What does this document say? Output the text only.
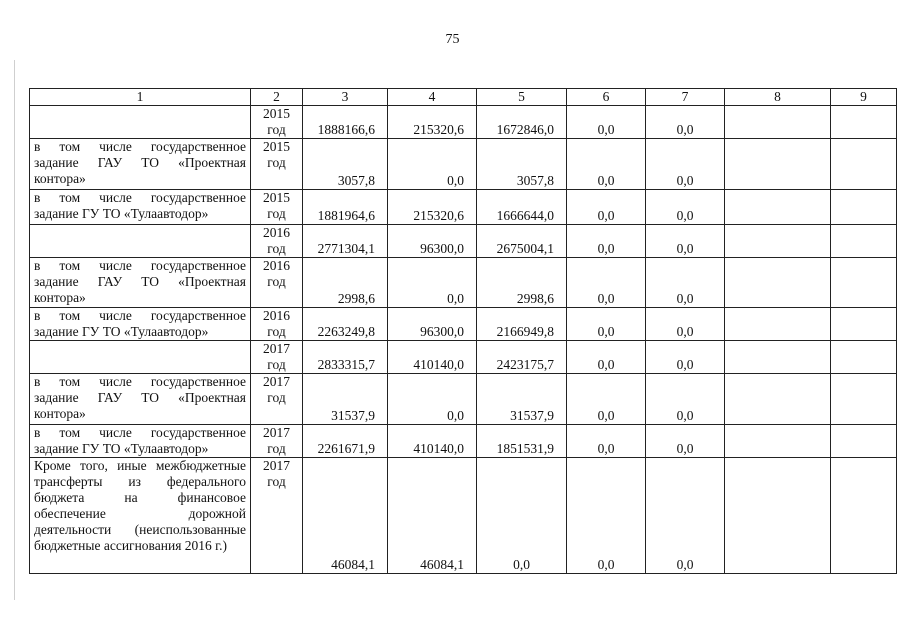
75
1	2	3	4	5	6	7	8	9
	2015 год	1888166,6	215320,6	1672846,0	0,0	0,0		
в том числе государственное задание ГАУ ТО «Проектная контора»	2015 год	3057,8	0,0	3057,8	0,0	0,0		
в том числе государственное задание ГУ ТО «Тулаавтодор»	2015 год	1881964,6	215320,6	1666644,0	0,0	0,0		
	2016 год	2771304,1	96300,0	2675004,1	0,0	0,0		
в том числе государственное задание ГАУ ТО «Проектная контора»	2016 год	2998,6	0,0	2998,6	0,0	0,0		
в том числе государственное задание ГУ ТО «Тулаавтодор»	2016 год	2263249,8	96300,0	2166949,8	0,0	0,0		
	2017 год	2833315,7	410140,0	2423175,7	0,0	0,0		
в том числе государственное задание ГАУ ТО «Проектная контора»	2017 год	31537,9	0,0	31537,9	0,0	0,0		
в том числе государственное задание ГУ ТО «Тулаавтодор»	2017 год	2261671,9	410140,0	1851531,9	0,0	0,0		
Кроме того, иные межбюджетные трансферты из федерального бюджета на финансовое обеспечение дорожной деятельности (неиспользованные бюджетные ассигнования 2016 г.)	2017 год	46084,1	46084,1	0,0	0,0	0,0		
